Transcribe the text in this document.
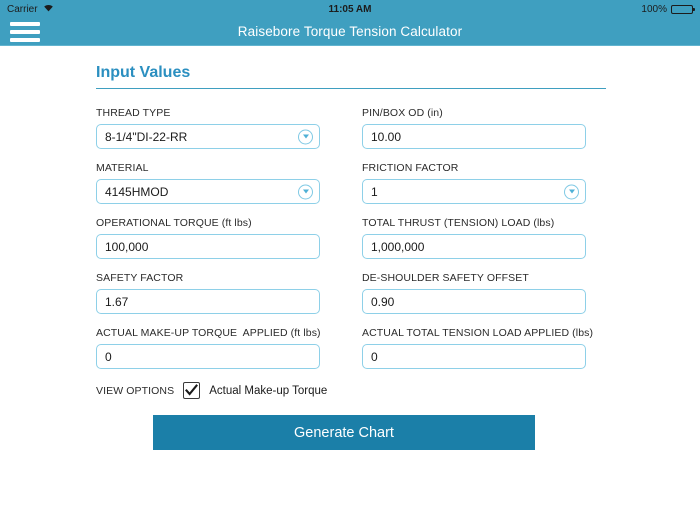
Carrier	11:05 AM	100%
Raisebore Torque Tension Calculator
Input Values
THREAD TYPE
8-1/4"DI-22-RR
PIN/BOX OD (in)
10.00
MATERIAL
4145HMOD
FRICTION FACTOR
1
OPERATIONAL TORQUE (ft lbs)
100,000
TOTAL THRUST (TENSION) LOAD (lbs)
1,000,000
SAFETY FACTOR
1.67
DE-SHOULDER SAFETY OFFSET
0.90
ACTUAL MAKE-UP TORQUE  APPLIED (ft lbs)
0
ACTUAL TOTAL TENSION LOAD APPLIED (lbs)
0
VIEW OPTIONS	Actual Make-up Torque
Generate Chart
